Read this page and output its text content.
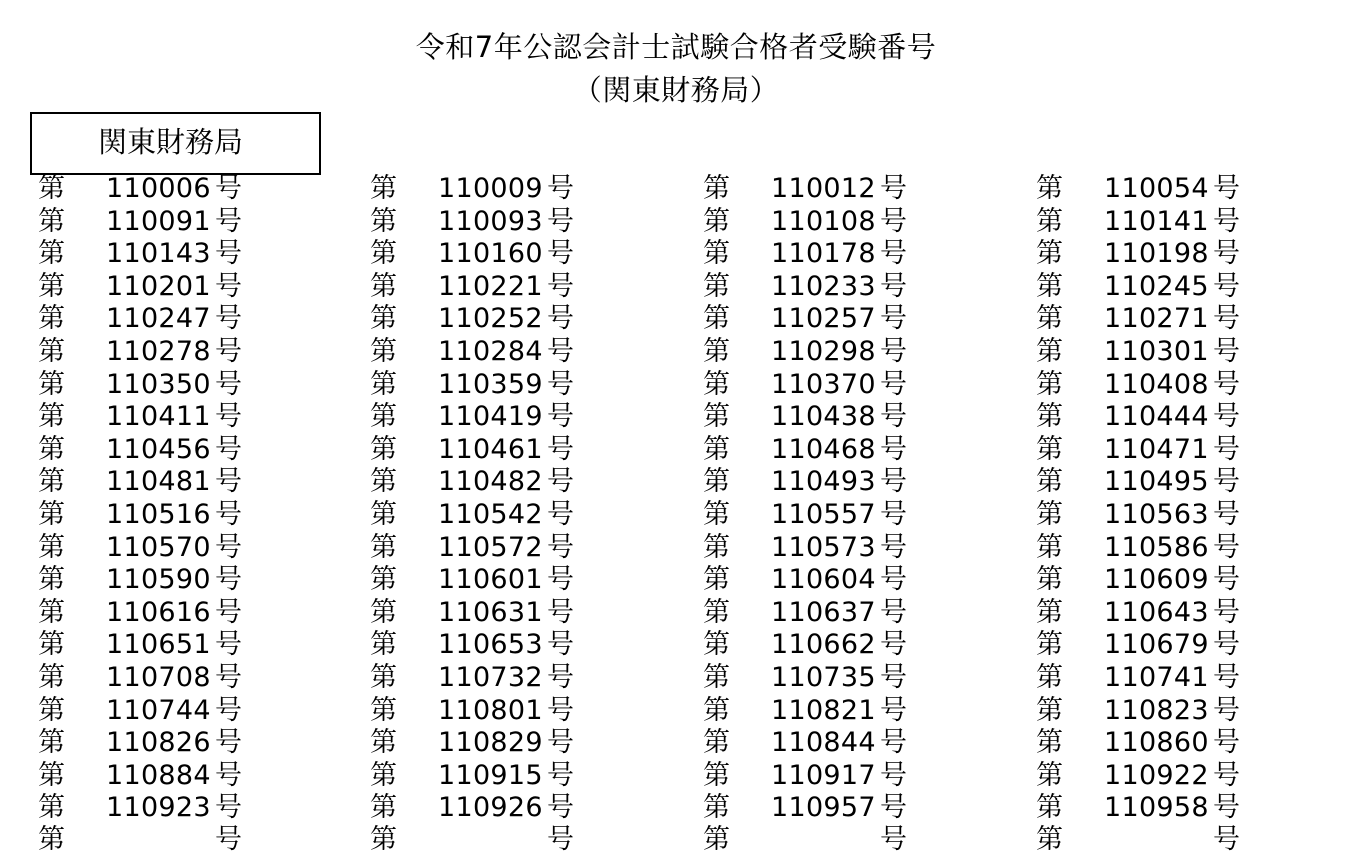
令和7年公認会計士試験合格者受験番号
（関東財務局）
関東財務局
第 110006 号	第 110009 号	第 110012 号	第 110054 号
第 110091 号	第 110093 号	第 110108 号	第 110141 号
第 110143 号	第 110160 号	第 110178 号	第 110198 号
第 110201 号	第 110221 号	第 110233 号	第 110245 号
第 110247 号	第 110252 号	第 110257 号	第 110271 号
第 110278 号	第 110284 号	第 110298 号	第 110301 号
第 110350 号	第 110359 号	第 110370 号	第 110408 号
第 110411 号	第 110419 号	第 110438 号	第 110444 号
第 110456 号	第 110461 号	第 110468 号	第 110471 号
第 110481 号	第 110482 号	第 110493 号	第 110495 号
第 110516 号	第 110542 号	第 110557 号	第 110563 号
第 110570 号	第 110572 号	第 110573 号	第 110586 号
第 110590 号	第 110601 号	第 110604 号	第 110609 号
第 110616 号	第 110631 号	第 110637 号	第 110643 号
第 110651 号	第 110653 号	第 110662 号	第 110679 号
第 110708 号	第 110732 号	第 110735 号	第 110741 号
第 110744 号	第 110801 号	第 110821 号	第 110823 号
第 110826 号	第 110829 号	第 110844 号	第 110860 号
第 110884 号	第 110915 号	第 110917 号	第 110922 号
第 110923 号	第 110926 号	第 110957 号	第 110958 号
第	号	第	号	第	号	第	号
